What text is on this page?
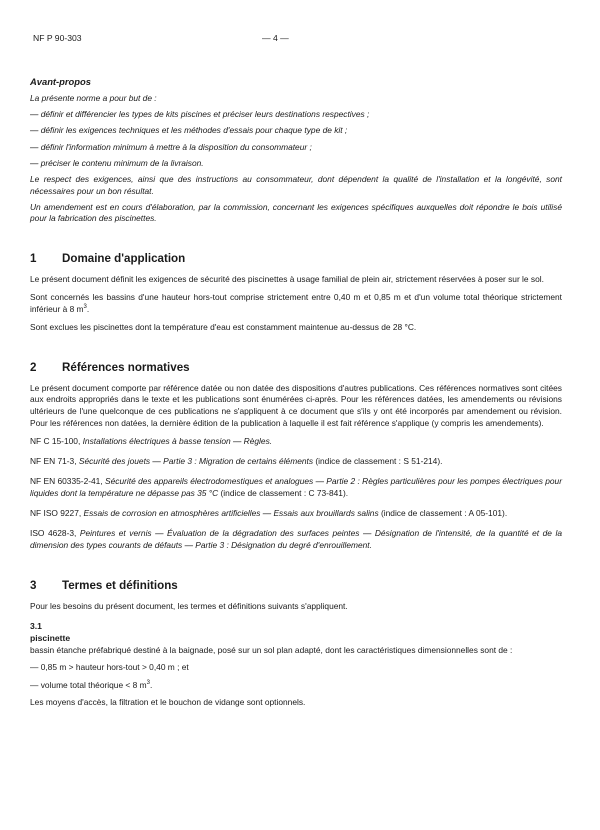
NF P 90-303	— 4 —
Avant-propos

La présente norme a pour but de :

— définir et différencier les types de kits piscines et préciser leurs destinations respectives ;

— définir les exigences techniques et les méthodes d'essais pour chaque type de kit ;

— définir l'information minimum à mettre à la disposition du consommateur ;

— préciser le contenu minimum de la livraison.

Le respect des exigences, ainsi que des instructions au consommateur, dont dépendent la qualité de l'installation et la longévité, sont nécessaires pour un bon résultat.

Un amendement est en cours d'élaboration, par la commission, concernant les exigences spécifiques auxquelles doit répondre le bois utilisé pour la fabrication des piscinettes.

1	Domaine d'application

Le présent document définit les exigences de sécurité des piscinettes à usage familial de plein air, strictement réservées à poser sur le sol.

Sont concernés les bassins d'une hauteur hors-tout comprise strictement entre 0,40 m et 0,85 m et d'un volume total théorique strictement inférieur à 8 $m^3$.

Sont exclues les piscinettes dont la température d'eau est constamment maintenue au-dessus de 28 °C.

2	Références normatives

Le présent document comporte par référence datée ou non datée des dispositions d'autres publications. Ces références normatives sont citées aux endroits appropriés dans le texte et les publications sont énumérées ci-après. Pour les références datées, les amendements ou révisions ultérieurs de l'une quelconque de ces publications ne s'appliquent à ce document que s'ils y ont été incorporés par amendement ou révision. Pour les références non datées, la dernière édition de la publication à laquelle il est fait référence s'applique (y compris les amendements).

NF C 15-100, Installations électriques à basse tension — Règles.

NF EN 71-3, Sécurité des jouets — Partie 3 : Migration de certains éléments (indice de classement : S 51-214).

NF EN 60335-2-41, Sécurité des appareils électrodomestiques et analogues — Partie 2 : Règles particulières pour les pompes électriques pour liquides dont la température ne dépasse pas 35 °C (indice de classement : C 73-841).

NF ISO 9227, Essais de corrosion en atmosphères artificielles — Essais aux brouillards salins (indice de classement : A 05-101).

ISO 4628-3, Peintures et vernis — Évaluation de la dégradation des surfaces peintes — Désignation de l'intensité, de la quantité et de la dimension des types courants de défauts — Partie 3 : Désignation du degré d'enrouillement.

3	Termes et définitions

Pour les besoins du présent document, les termes et définitions suivants s'appliquent.

3.1
piscinette

bassin étanche préfabriqué destiné à la baignade, posé sur un sol plan adapté, dont les caractéristiques dimensionnelles sont de :

— 0,85 m > hauteur hors-tout > 0,40 m ; et

— volume total théorique < 8 $m^3$.

Les moyens d'accès, la filtration et le bouchon de vidange sont optionnels.
